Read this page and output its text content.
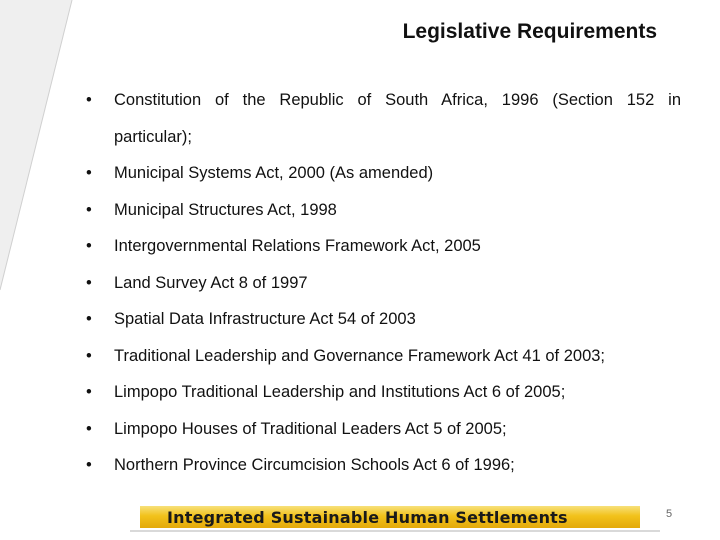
Legislative Requirements
•	Constitution of the Republic of South Africa, 1996 (Section 152 in
particular);
•	Municipal Systems Act, 2000 (As amended)
•	Municipal Structures Act, 1998
•	Intergovernmental Relations Framework Act, 2005
•	Land Survey Act 8 of 1997
•	Spatial Data Infrastructure Act 54 of 2003
•	Traditional Leadership and Governance Framework Act 41 of 2003;
•	Limpopo Traditional Leadership and Institutions Act 6 of 2005;
•	Limpopo Houses of Traditional Leaders Act 5 of 2005;
•	Northern Province Circumcision Schools Act 6 of 1996;
Integrated Sustainable Human Settlements	5
